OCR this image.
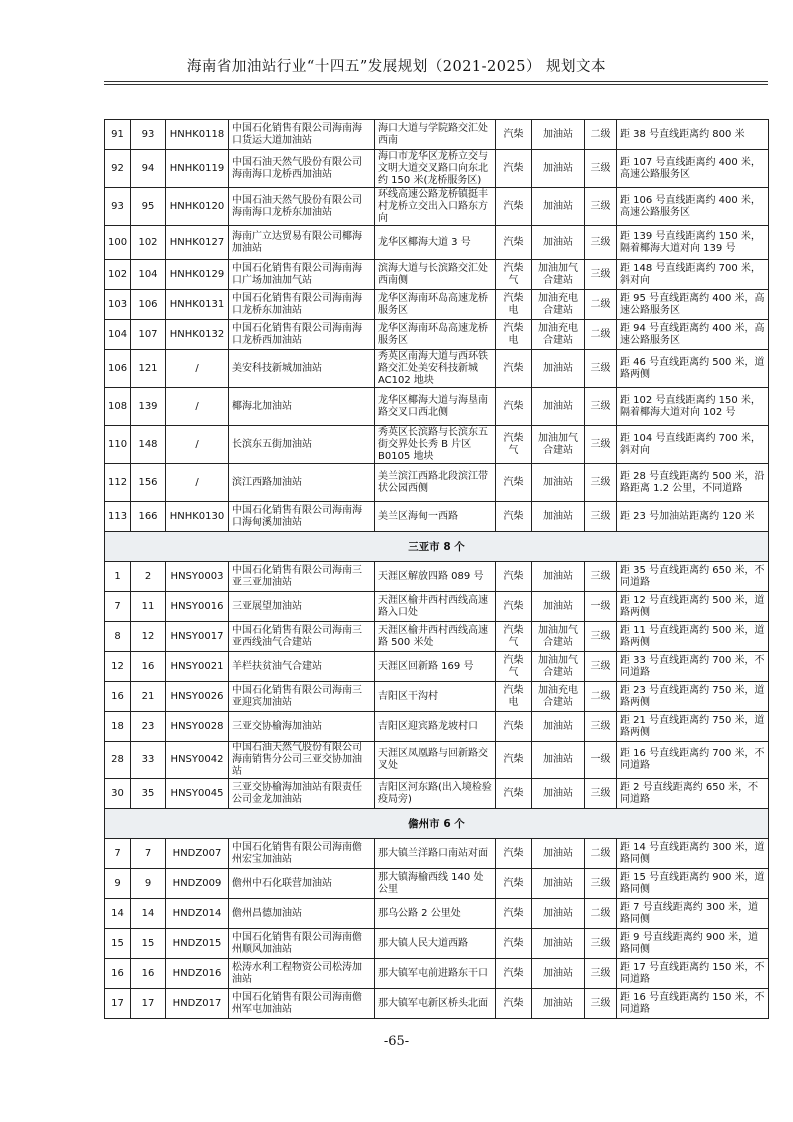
海南省加油站行业“十四五”发展规划（2021-2025） 规划文本
91	93	HNHK0118	中国石化销售有限公司海南海口货运大道加油站	海口大道与学院路交汇处西南	汽柴	加油站	二级	距 38 号直线距离约 800 米
92	94	HNHK0119	中国石油天然气股份有限公司海南海口龙桥西加油站	海口市龙华区龙桥立交与文明大道交叉路口向东北约 150 米(龙桥服务区)	汽柴	加油站	三级	距 107 号直线距离约 400 米，高速公路服务区
93	95	HNHK0120	中国石油天然气股份有限公司海南海口龙桥东加油站	环线高速公路龙桥镇挺丰村龙桥立交出入口路东方向	汽柴	加油站	三级	距 106 号直线距离约 400 米，高速公路服务区
100	102	HNHK0127	海南广立达贸易有限公司椰海加油站	龙华区椰海大道 3 号	汽柴	加油站	三级	距 139 号直线距离约 150 米，隔着椰海大道对向 139 号
102	104	HNHK0129	中国石化销售有限公司海南海口广场加油加气站	滨海大道与长滨路交汇处西南侧	汽柴气	加油加气合建站	三级	距 148 号直线距离约 700 米，斜对向
103	106	HNHK0131	中国石化销售有限公司海南海口龙桥东加油站	龙华区海南环岛高速龙桥服务区	汽柴电	加油充电合建站	二级	距 95 号直线距离约 400 米，高速公路服务区
104	107	HNHK0132	中国石化销售有限公司海南海口龙桥西加油站	龙华区海南环岛高速龙桥服务区	汽柴电	加油充电合建站	二级	距 94 号直线距离约 400 米，高速公路服务区
106	121	/	美安科技新城加油站	秀英区南海大道与西环铁路交汇处美安科技新城 AC102 地块	汽柴	加油站	三级	距 46 号直线距离约 500 米，道路两侧
108	139	/	椰海北加油站	龙华区椰海大道与海垦南路交叉口西北侧	汽柴	加油站	三级	距 102 号直线距离约 150 米，隔着椰海大道对向 102 号
110	148	/	长滨东五街加油站	秀英区长滨路与长滨东五街交界处长秀 B 片区 B0105 地块	汽柴气	加油加气合建站	三级	距 104 号直线距离约 700 米，斜对向
112	156	/	滨江西路加油站	美兰滨江西路北段滨江带状公园西侧	汽柴	加油站	三级	距 28 号直线距离约 500 米，沿路距离 1.2 公里，不同道路
113	166	HNHK0130	中国石化销售有限公司海南海口海甸溪加油站	美兰区海甸一西路	汽柴	加油站	三级	距 23 号加油站距离约 120 米
三亚市 8 个								
1	2	HNSY0003	中国石化销售有限公司海南三亚三亚加油站	天涯区解放四路 089 号	汽柴	加油站	三级	距 35 号直线距离约 650 米，不同道路
7	11	HNSY0016	三亚展望加油站	天涯区榆井西村西线高速路入口处	汽柴	加油站	一级	距 12 号直线距离约 500 米，道路两侧
8	12	HNSY0017	中国石化销售有限公司海南三亚西线油气合建站	天涯区榆井西村西线高速路 500 米处	汽柴气	加油加气合建站	三级	距 11 号直线距离约 500 米，道路两侧
12	16	HNSY0021	羊栏扶贫油气合建站	天涯区回新路 169 号	汽柴气	加油加气合建站	三级	距 33 号直线距离约 700 米，不同道路
16	21	HNSY0026	中国石化销售有限公司海南三亚迎宾加油站	吉阳区干沟村	汽柴电	加油充电合建站	二级	距 23 号直线距离约 750 米，道路两侧
18	23	HNSY0028	三亚交协榆海加油站	吉阳区迎宾路龙坡村口	汽柴	加油站	三级	距 21 号直线距离约 750 米，道路两侧
28	33	HNSY0042	中国石油天然气股份有限公司海南销售分公司三亚交协加油站	天涯区凤凰路与回新路交叉处	汽柴	加油站	一级	距 16 号直线距离约 700 米，不同道路
30	35	HNSY0045	三亚交协榆海加油站有限责任公司金龙加油站	吉阳区河东路(出入境检验疫局旁)	汽柴	加油站	三级	距 2 号直线距离约 650 米，不同道路
儋州市 6 个								
7	7	HNDZ007	中国石化销售有限公司海南儋州宏宝加油站	那大镇兰洋路口南站对面	汽柴	加油站	二级	距 14 号直线距离约 300 米，道路同侧
9	9	HNDZ009	儋州中石化联营加油站	那大镇海榆西线 140 处公里	汽柴	加油站	三级	距 15 号直线距离约 900 米，道路同侧
14	14	HNDZ014	儋州昌德加油站	那乌公路 2 公里处	汽柴	加油站	二级	距 7 号直线距离约 300 米，道路同侧
15	15	HNDZ015	中国石化销售有限公司海南儋州顺风加油站	那大镇人民大道西路	汽柴	加油站	三级	距 9 号直线距离约 900 米，道路同侧
16	16	HNDZ016	松涛水利工程物资公司松涛加油站	那大镇军屯前进路东干口	汽柴	加油站	三级	距 17 号直线距离约 150 米，不同道路
17	17	HNDZ017	中国石化销售有限公司海南儋州军屯加油站	那大镇军屯新区桥头北面	汽柴	加油站	三级	距 16 号直线距离约 150 米，不同道路
-65-
